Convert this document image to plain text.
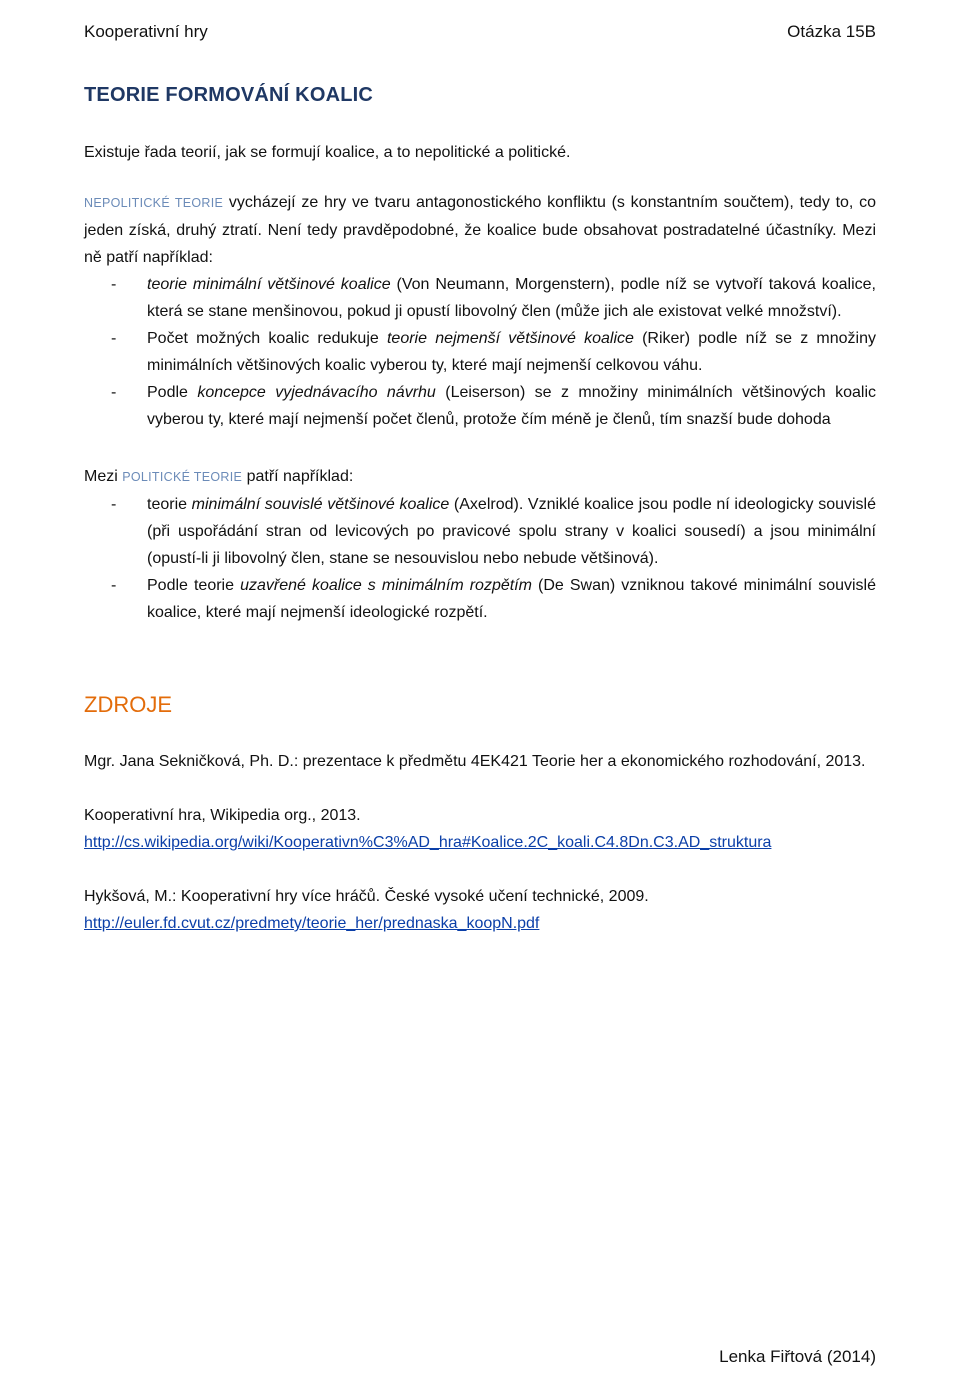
Kooperativní hry	Otázka 15B
TEORIE FORMOVÁNÍ KOALIC

Existuje řada teorií, jak se formují koalice, a to nepolitické a politické.

NEPOLITICKÉ TEORIE vycházejí ze hry ve tvaru antagonostického konfliktu (s konstantním součtem), tedy to, co jeden získá, druhý ztratí. Není tedy pravděpodobné, že koalice bude obsahovat postradatelné účastníky. Mezi ně patří například:

- teorie minimální většinové koalice (Von Neumann, Morgenstern), podle níž se vytvoří taková koalice, která se stane menšinovou, pokud ji opustí libovolný člen (může jich ale existovat velké množství).
- Počet možných koalic redukuje teorie nejmenší většinové koalice (Riker) podle níž se z množiny minimálních většinových koalic vyberou ty, které mají nejmenší celkovou váhu.
- Podle koncepce vyjednávacího návrhu (Leiserson) se z množiny minimálních většinových koalic vyberou ty, které mají nejmenší počet členů, protože čím méně je členů, tím snazší bude dohoda

Mezi POLITICKÉ TEORIE patří například:

- teorie minimální souvislé většinové koalice (Axelrod). Vzniklé koalice jsou podle ní ideologicky souvislé (při uspořádání stran od levicových po pravicové spolu strany v koalici sousedí) a jsou minimální (opustí-li ji libovolný člen, stane se nesouvislou nebo nebude většinová).
- Podle teorie uzavřené koalice s minimálním rozpětím (De Swan) vzniknou takové minimální souvislé koalice, které mají nejmenší ideologické rozpětí.
ZDROJE

Mgr. Jana Sekničková, Ph. D.: prezentace k předmětu 4EK421 Teorie her a ekonomického rozhodování, 2013.

Kooperativní hra, Wikipedia org., 2013.

http://cs.wikipedia.org/wiki/Kooperativn%C3%AD_hra#Koalice.2C_koali.C4.8Dn.C3.AD_struktura

Hykšová, M.: Kooperativní hry více hráčů. České vysoké učení technické, 2009.

http://euler.fd.cvut.cz/predmety/teorie_her/prednaska_koopN.pdf

Lenka Fiřtová (2014)
